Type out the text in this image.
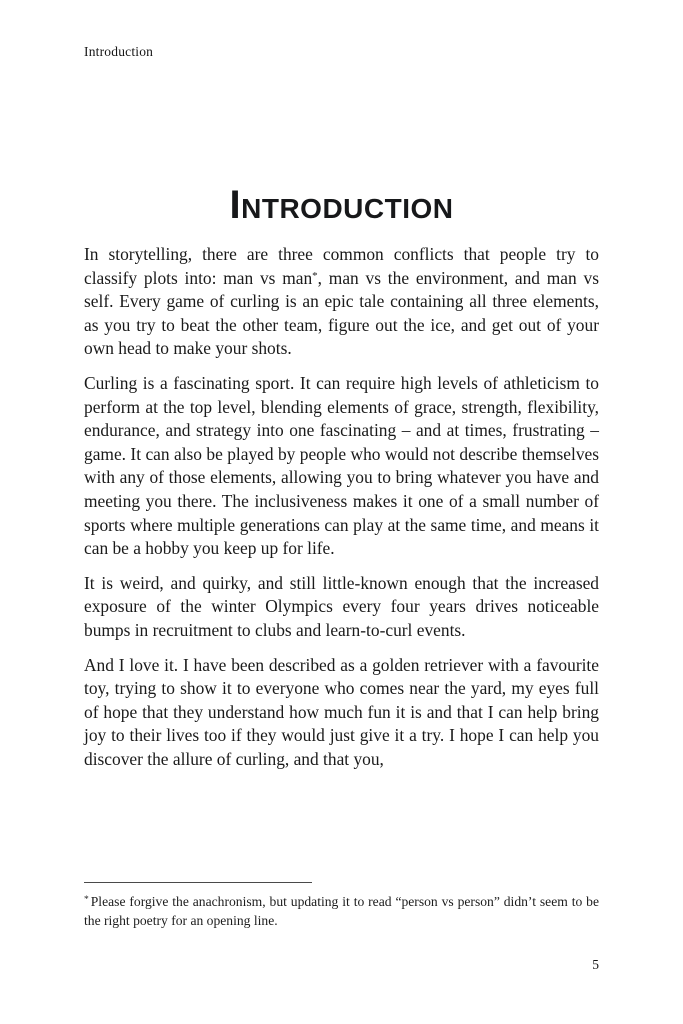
Introduction
Introduction

In storytelling, there are three common conflicts that people try to classify plots into: man vs man*, man vs the environment, and man vs self. Every game of curling is an epic tale containing all three elements, as you try to beat the other team, figure out the ice, and get out of your own head to make your shots.

Curling is a fascinating sport. It can require high levels of athleticism to perform at the top level, blending elements of grace, strength, flexibility, endurance, and strategy into one fascinating – and at times, frustrating – game. It can also be played by people who would not describe themselves with any of those elements, allowing you to bring whatever you have and meeting you there. The inclusiveness makes it one of a small number of sports where multiple generations can play at the same time, and means it can be a hobby you keep up for life.

It is weird, and quirky, and still little-known enough that the increased exposure of the winter Olympics every four years drives noticeable bumps in recruitment to clubs and learn-to-curl events.

And I love it. I have been described as a golden retriever with a favourite toy, trying to show it to everyone who comes near the yard, my eyes full of hope that they understand how much fun it is and that I can help bring joy to their lives too if they would just give it a try. I hope I can help you discover the allure of curling, and that you,

* Please forgive the anachronism, but updating it to read “person vs person” didn’t seem to be the right poetry for an opening line.

5
